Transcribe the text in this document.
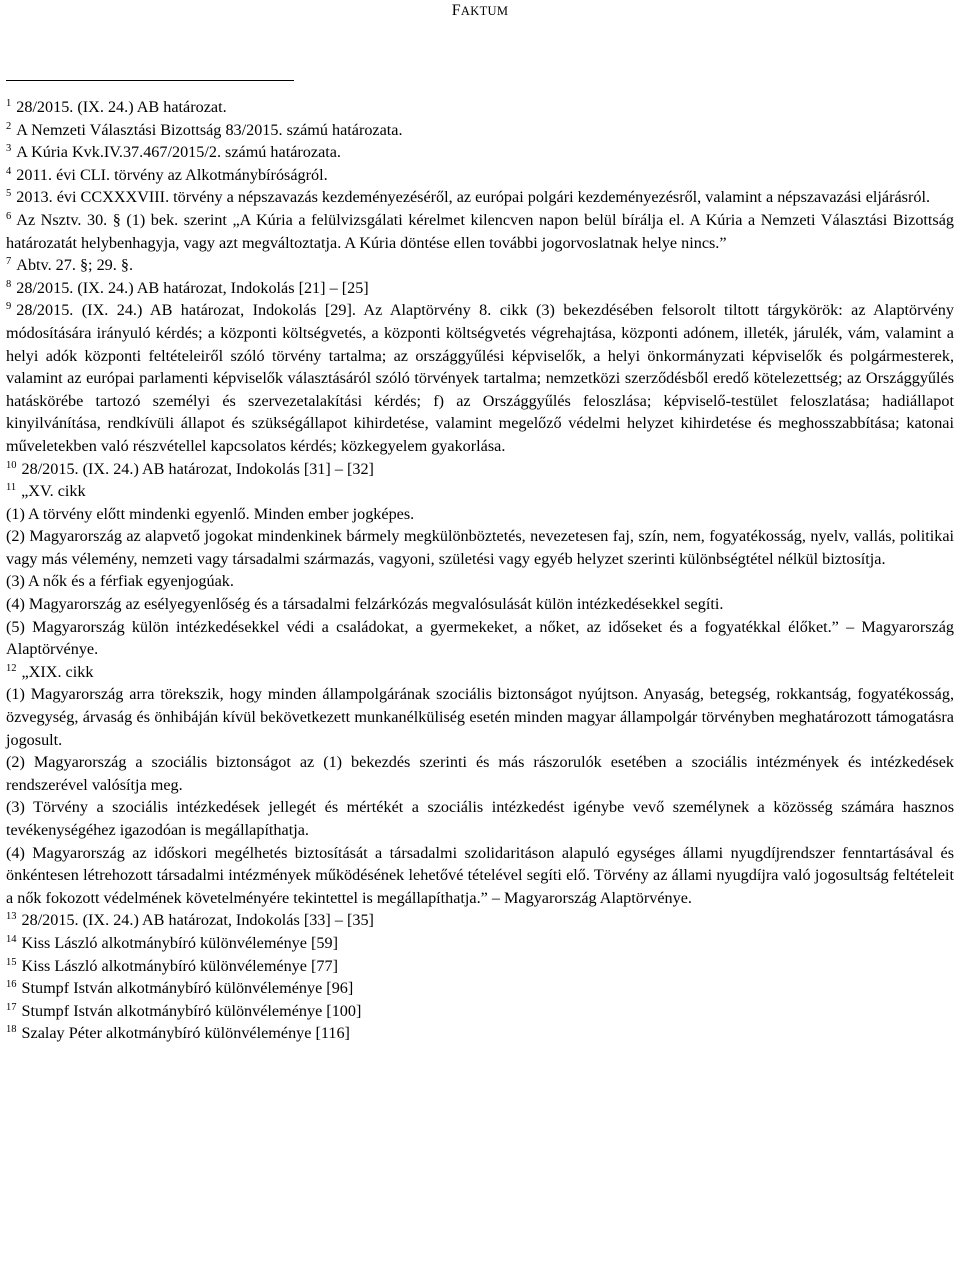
FAKTUM

$^1$ 28/2015. (IX. 24.) AB határozat.

$^2$ A Nemzeti Választási Bizottság 83/2015. számú határozata.

$^3$ A Kúria Kvk.IV.37.467/2015/2. számú határozata.

$^4$ 2011. évi CLI. törvény az Alkotmánybíróságról.

$^5$ 2013. évi CCXXXVIII. törvény a népszavazás kezdeményezéséről, az európai polgári kezdeményezésről, valamint a népszavazási eljárásról.

$^6$ Az Nsztv. 30. § (1) bek. szerint „A Kúria a felülvizsgálati kérelmet kilencven napon belül bírálja el. A Kúria a Nemzeti Választási Bizottság határozatát helybenhagyja, vagy azt megváltoztatja. A Kúria döntése ellen további jogorvoslatnak helye nincs.”

$^7$ Abtv. 27. §; 29. §.

$^8$ 28/2015. (IX. 24.) AB határozat, Indokolás [21] – [25]

$^9$ 28/2015. (IX. 24.) AB határozat, Indokolás [29]. Az Alaptörvény 8. cikk (3) bekezdésében felsorolt tiltott tárgykörök: az Alaptörvény módosítására irányuló kérdés; a központi költségvetés, a központi költségvetés végrehajtása, központi adónem, illeték, járulék, vám, valamint a helyi adók központi feltételeiről szóló törvény tartalma; az országgyűlési képviselők, a helyi önkormányzati képviselők és polgármesterek, valamint az európai parlamenti képviselők választásáról szóló törvények tartalma; nemzetközi szerződésből eredő kötelezettség; az Országgyűlés hatáskörébe tartozó személyi és szervezetalakítási kérdés; f) az Országgyűlés feloszlása; képviselő-testület feloszlatása; hadiállapot kinyilvánítása, rendkívüli állapot és szükségállapot kihirdetése, valamint megelőző védelmi helyzet kihirdetése és meghosszabbítása; katonai műveletekben való részvétellel kapcsolatos kérdés; közkegyelem gyakorlása.

$^{10}$ 28/2015. (IX. 24.) AB határozat, Indokolás [31] – [32]

$^{11}$ „XV. cikk

(1) A törvény előtt mindenki egyenlő. Minden ember jogképes.

(2) Magyarország az alapvető jogokat mindenkinek bármely megkülönböztetés, nevezetesen faj, szín, nem, fogyatékosság, nyelv, vallás, politikai vagy más vélemény, nemzeti vagy társadalmi származás, vagyoni, születési vagy egyéb helyzet szerinti különbségtétel nélkül biztosítja.

(3) A nők és a férfiak egyenjogúak.

(4) Magyarország az esélyegyenlőség és a társadalmi felzárkózás megvalósulását külön intézkedésekkel segíti.

(5) Magyarország külön intézkedésekkel védi a családokat, a gyermekeket, a nőket, az időseket és a fogyatékkal élőket.” – Magyarország Alaptörvénye.

$^{12}$ „XIX. cikk

(1) Magyarország arra törekszik, hogy minden állampolgárának szociális biztonságot nyújtson. Anyaság, betegség, rokkantság, fogyatékosság, özvegység, árvaság és önhibáján kívül bekövetkezett munkanélküliség esetén minden magyar állampolgár törvényben meghatározott támogatásra jogosult.

(2) Magyarország a szociális biztonságot az (1) bekezdés szerinti és más rászorulók esetében a szociális intézmények és intézkedések rendszerével valósítja meg.

(3) Törvény a szociális intézkedések jellegét és mértékét a szociális intézkedést igénybe vevő személynek a közösség számára hasznos tevékenységéhez igazodóan is megállapíthatja.

(4) Magyarország az időskori megélhetés biztosítását a társadalmi szolidaritáson alapuló egységes állami nyugdíjrendszer fenntartásával és önkéntesen létrehozott társadalmi intézmények működésének lehetővé tételével segíti elő. Törvény az állami nyugdíjra való jogosultság feltételeit a nők fokozott védelmének követelményére tekintettel is megállapíthatja.” – Magyarország Alaptörvénye.

$^{13}$ 28/2015. (IX. 24.) AB határozat, Indokolás [33] – [35]

$^{14}$ Kiss László alkotmánybíró különvéleménye [59]

$^{15}$ Kiss László alkotmánybíró különvéleménye [77]

$^{16}$ Stumpf István alkotmánybíró különvéleménye [96]

$^{17}$ Stumpf István alkotmánybíró különvéleménye [100]

$^{18}$ Szalay Péter alkotmánybíró különvéleménye [116]
